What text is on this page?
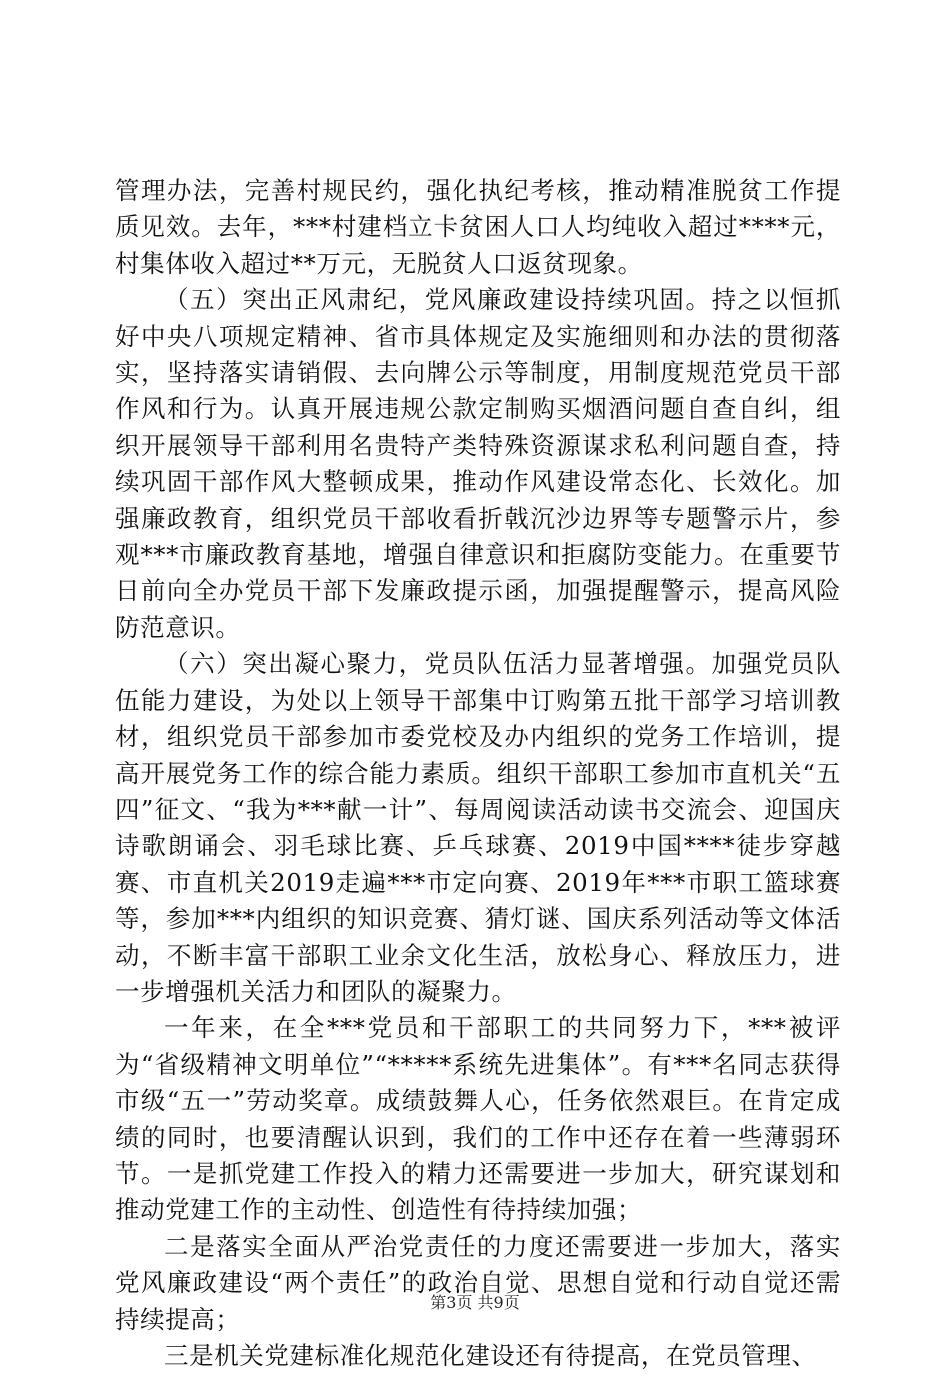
管理办法，完善村规民约，强化执纪考核，推动精准脱贫工作提质见效。去年，***村建档立卡贫困人口人均纯收入超过****元，村集体收入超过**万元，无脱贫人口返贫现象。

（五）突出正风肃纪，党风廉政建设持续巩固。持之以恒抓好中央八项规定精神、省市具体规定及实施细则和办法的贯彻落实，坚持落实请销假、去向牌公示等制度，用制度规范党员干部作风和行为。认真开展违规公款定制购买烟酒问题自查自纠，组织开展领导干部利用名贵特产类特殊资源谋求私利问题自查，持续巩固干部作风大整顿成果，推动作风建设常态化、长效化。加强廉政教育，组织党员干部收看折戟沉沙边界等专题警示片，参观***市廉政教育基地，增强自律意识和拒腐防变能力。在重要节日前向全办党员干部下发廉政提示函，加强提醒警示，提高风险防范意识。

（六）突出凝心聚力，党员队伍活力显著增强。加强党员队伍能力建设，为处以上领导干部集中订购第五批干部学习培训教材，组织党员干部参加市委党校及办内组织的党务工作培训，提高开展党务工作的综合能力素质。组织干部职工参加市直机关“五四”征文、“我为***献一计”、每周阅读活动读书交流会、迎国庆诗歌朗诵会、羽毛球比赛、乒乓球赛、2019中国****徒步穿越赛、市直机关2019走遍***市定向赛、2019年***市职工篮球赛等，参加***内组织的知识竞赛、猜灯谜、国庆系列活动等文体活动，不断丰富干部职工业余文化生活，放松身心、释放压力，进一步增强机关活力和团队的凝聚力。

一年来，在全***党员和干部职工的共同努力下，***被评为“省级精神文明单位”“*****系统先进集体”。有***名同志获得市级“五一”劳动奖章。成绩鼓舞人心，任务依然艰巨。在肯定成绩的同时，也要清醒认识到，我们的工作中还存在着一些薄弱环节。一是抓党建工作投入的精力还需要进一步加大，研究谋划和推动党建工作的主动性、创造性有待持续加强；

二是落实全面从严治党责任的力度还需要进一步加大，落实党风廉政建设“两个责任”的政治自觉、思想自觉和行动自觉还需持续提高；

三是机关党建标准化规范化建设还有待提高，在党员管理、

第3页 共9页
